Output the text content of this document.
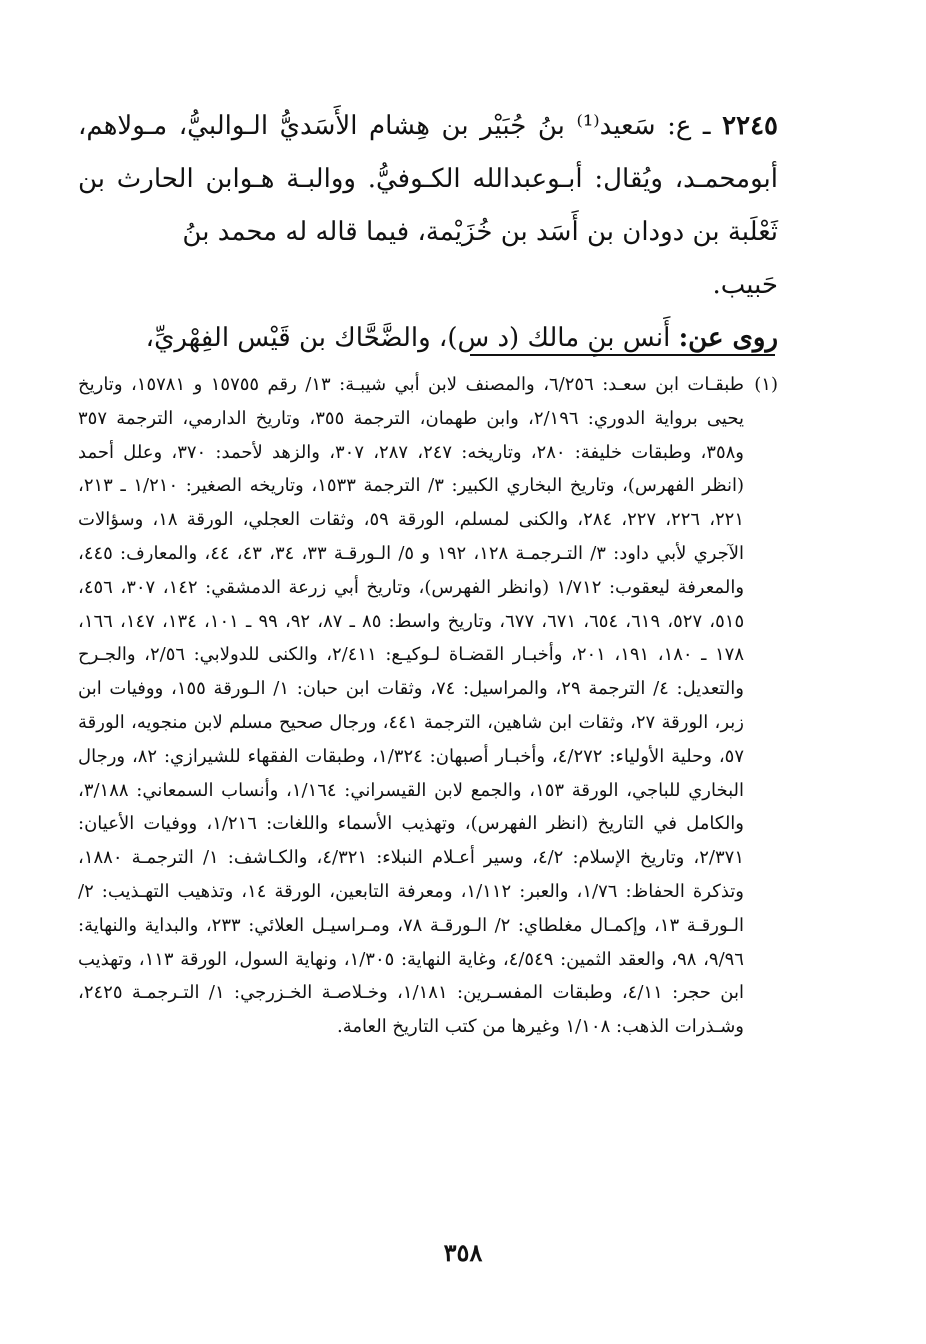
٢٢٤٥ ـ ع: سَعيد⁽¹⁾ بنُ جُبَيْر بن هِشام الأَسَديُّ الـوالبيُّ، مـولاهم، أبومحمـد، ويُقال: أبـوعبدالله الكـوفيُّ. ووالبـة هـوابن الحارث بن ثَعْلَبة بن دودان بن أَسَد بن خُزَيْمة، فيما قاله له محمد بنُ
حَبيب.

روى عن: أَنس بنِ مالك (د س)، والضَّحَّاك بن قَيْس الفِهْريِّ،

(١)طبقـات ابن سعـد: ٦/٢٥٦، والمصنف لابن أبي شيبـة: ١٣/ رقم ١٥٧٥٥ و ١٥٧٨١، وتاريخ يحيى برواية الدوري: ٢/١٩٦، وابن طهمان، الترجمة ٣٥٥، وتاريخ الدارمي، الترجمة ٣٥٧ و٣٥٨، وطبقات خليفة: ٢٨٠، وتاريخه: ٢٤٧، ٢٨٧، ٣٠٧، والزهد لأحمد: ٣٧٠، وعلل أحمد (انظر الفهرس)، وتاريخ البخاري الكبير: ٣/ الترجمة ١٥٣٣، وتاريخه الصغير: ١/٢١٠ ـ ٢١٣، ٢٢١، ٢٢٦، ٢٢٧، ٢٨٤، والكنى لمسلم، الورقة ٥٩، وثقات العجلي، الورقة ١٨، وسؤالات الآجري لأبي داود: ٣/ التـرجمـة ١٢٨، ١٩٢ و ٥/ الـورقـة ٣٣، ٣٤، ٤٣، ٤٤، والمعارف: ٤٤٥، والمعرفة ليعقوب: ١/٧١٢ (وانظر الفهرس)، وتاريخ أبي زرعة الدمشقي: ١٤٢، ٣٠٧، ٤٥٦، ٥١٥، ٥٢٧، ٦١٩، ٦٥٤، ٦٧١، ٦٧٧، وتاريخ واسط: ٨٥ ـ ٨٧، ٩٢، ٩٩ ـ ١٠١، ١٣٤، ١٤٧، ١٦٦، ١٧٨ ـ ١٨٠، ١٩١، ٢٠١، وأخبـار القضـاة لـوكيـع: ٢/٤١١، والكنى للدولابي: ٢/٥٦، والجـرح والتعديل: ٤/ الترجمة ٢٩، والمراسيل: ٧٤، وثقات ابن حبان: ١/ الـورقة ١٥٥، ووفيات ابن زبر، الورقة ٢٧، وثقات ابن شاهين، الترجمة ٤٤١، ورجال صحيح مسلم لابن منجويه، الورقة ٥٧، وحلية الأولياء: ٤/٢٧٢، وأخبـار أصبهان: ١/٣٢٤، وطبقات الفقهاء للشيرازي: ٨٢، ورجال البخاري للباجي، الورقة ١٥٣، والجمع لابن القيسراني: ١/١٦٤، وأنساب السمعاني: ٣/١٨٨، والكامل في التاريخ (انظر الفهرس)، وتهذيب الأسماء واللغات: ١/٢١٦، ووفيات الأعيان: ٢/٣٧١، وتاريخ الإسلام: ٤/٢، وسير أعـلام النبلاء: ٤/٣٢١، والكـاشف: ١/ الترجمـة ١٨٨٠، وتذكرة الحفاظ: ١/٧٦، والعبر: ١/١١٢، ومعرفة التابعين، الورقة ١٤، وتذهيب التهـذيب: ٢/ الـورقـة ١٣، وإكمـال مغلطاي: ٢/ الـورقـة ٧٨، ومـراسيـل العلائي: ٢٣٣، والبداية والنهاية: ٩/٩٦، ٩٨، والعقد الثمين: ٤/٥٤٩، وغاية النهاية: ١/٣٠٥، ونهاية السول، الورقة ١١٣، وتهذيب ابن حجر: ٤/١١، وطبقات المفسـرين: ١/١٨١، وخـلاصـة الخـزرجي: ١/ التـرجمـة ٢٤٢٥، وشـذرات الذهب: ١/١٠٨ وغيرها من كتب التاريخ العامة.

٣٥٨
